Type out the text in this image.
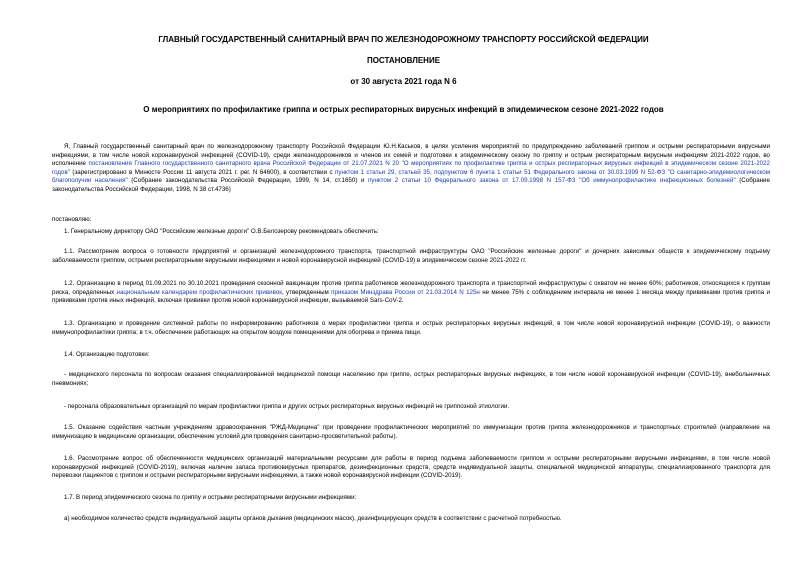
ГЛАВНЫЙ ГОСУДАРСТВЕННЫЙ САНИТАРНЫЙ ВРАЧ ПО ЖЕЛЕЗНОДОРОЖНОМУ ТРАНСПОРТУ РОССИЙСКОЙ ФЕДЕРАЦИИ
ПОСТАНОВЛЕНИЕ
от 30 августа 2021 года N 6
О мероприятиях по профилактике гриппа и острых респираторных вирусных инфекций в эпидемическом сезоне 2021-2022 годов

Я, Главный государственный санитарный врач по железнодорожному транспорту Российской Федерации Ю.Н.Каськов, в целях усиления мероприятий по предупреждению заболеваний гриппом и острыми респираторными вирусными инфекциями, в том числе новой коронавирусной инфекцией (COVID-19), среди железнодорожников и членов их семей и подготовки к эпидемическому сезону по гриппу и острым респираторным вирусным инфекциям 2021-2022 годов, во исполнение постановления Главного государственного санитарного врача Российской Федерации от 21.07.2021 N 20 "О мероприятиях по профилактике гриппа и острых респираторных вирусных инфекций в эпидемическом сезоне 2021-2022 годов" (зарегистрировано в Минюсте России 11 августа 2021 г. рег. N 64600), в соответствии с пунктом 1 статьи 29, статьей 35, подпунктом 6 пункта 1 статьи 51 Федерального закона от 30.03.1999 N 52-ФЗ "О санитарно-эпидемиологическом благополучии населения" (Собрание законодательства Российской Федерации, 1999, N 14, ст.1650) и пунктом 2 статьи 10 Федерального закона от 17.09.1998 N 157-ФЗ "Об иммунопрофилактике инфекционных болезней" (Собрание законодательства Российской Федерации, 1998, N 38 ст.4736)

постановляю:

1. Генеральному директору ОАО "Российские железные дороги" О.В.Белозерову рекомендовать обеспечить:

1.1. Рассмотрение вопроса о готовности предприятий и организаций железнодорожного транспорта, транспортной инфраструктуры ОАО "Российские железные дороги" и дочерних зависимых обществ к эпидемическому подъему заболеваемости гриппом, острыми респираторными вирусными инфекциями и новой коронавирусной инфекцией (COVID-19) в эпидемическом сезоне 2021-2022 гг.

1.2. Организацию в период 01.09.2021 по 30.10.2021 проведения сезонной вакцинации против гриппа работников железнодорожного транспорта и транспортной инфраструктуры с охватом не менее 60%; работников, относящихся к группам риска, определенных национальным календарем профилактических прививок, утвержденным приказом Минздрава России от 21.03.2014 N 125н не менее 75% с соблюдением интервала не менее 1 месяца между прививками против гриппа и прививками против иных инфекций, включая прививки против новой коронавирусной инфекции, вызываемой Sars-CoV-2.

1.3. Организацию и проведение системной работы по информированию работников о мерах профилактики гриппа и острых респираторных вирусных инфекций, в том числе новой коронавирусной инфекции (COVID-19), о важности иммунопрофилактики гриппа; в т.ч. обеспечение работающих на открытом воздухе помещениями для обогрева и приема пищи.

1.4. Организацию подготовки:

- медицинского персонала по вопросам оказания специализированной медицинской помощи населению при гриппе, острых респираторных вирусных инфекциях, в том числе новой коронавирусной инфекции (COVID-19), внебольничных пневмониях;

- персонала образовательных организаций по мерам профилактики гриппа и других острых респираторных вирусных инфекций не гриппозной этиологии.

1.5. Оказание содействия частным учреждениям здравоохранения "РЖД-Медицина" при проведении профилактических мероприятий по иммунизации против гриппа железнодорожников и транспортных строителей (направление на иммунизацию в медицинские организации, обеспечение условий для проведения санитарно-просветительной работы).

1.6. Рассмотрение вопрос об обеспеченности медицинских организаций материальными ресурсами для работы в период подъема заболеваемости гриппом и острыми респираторными вирусными инфекциями, в том числе новой коронавирусной инфекцией (COVID-2019), включая наличие запаса противовирусных препаратов, дезинфекционных средств, средств индивидуальной защиты, специальной медицинской аппаратуры, специализированного транспорта для перевозки пациентов с гриппом и острыми респираторными вирусными инфекциями, а также новой коронавирусной инфекции (COVID-2019).

1.7. В период эпидемического сезона по гриппу и острыми респираторными вирусными инфекциями:

а) необходимое количество средств индивидуальной защиты органов дыхания (медицинских масок), дезинфицирующих средств в соответствии с расчетной потребностью.
